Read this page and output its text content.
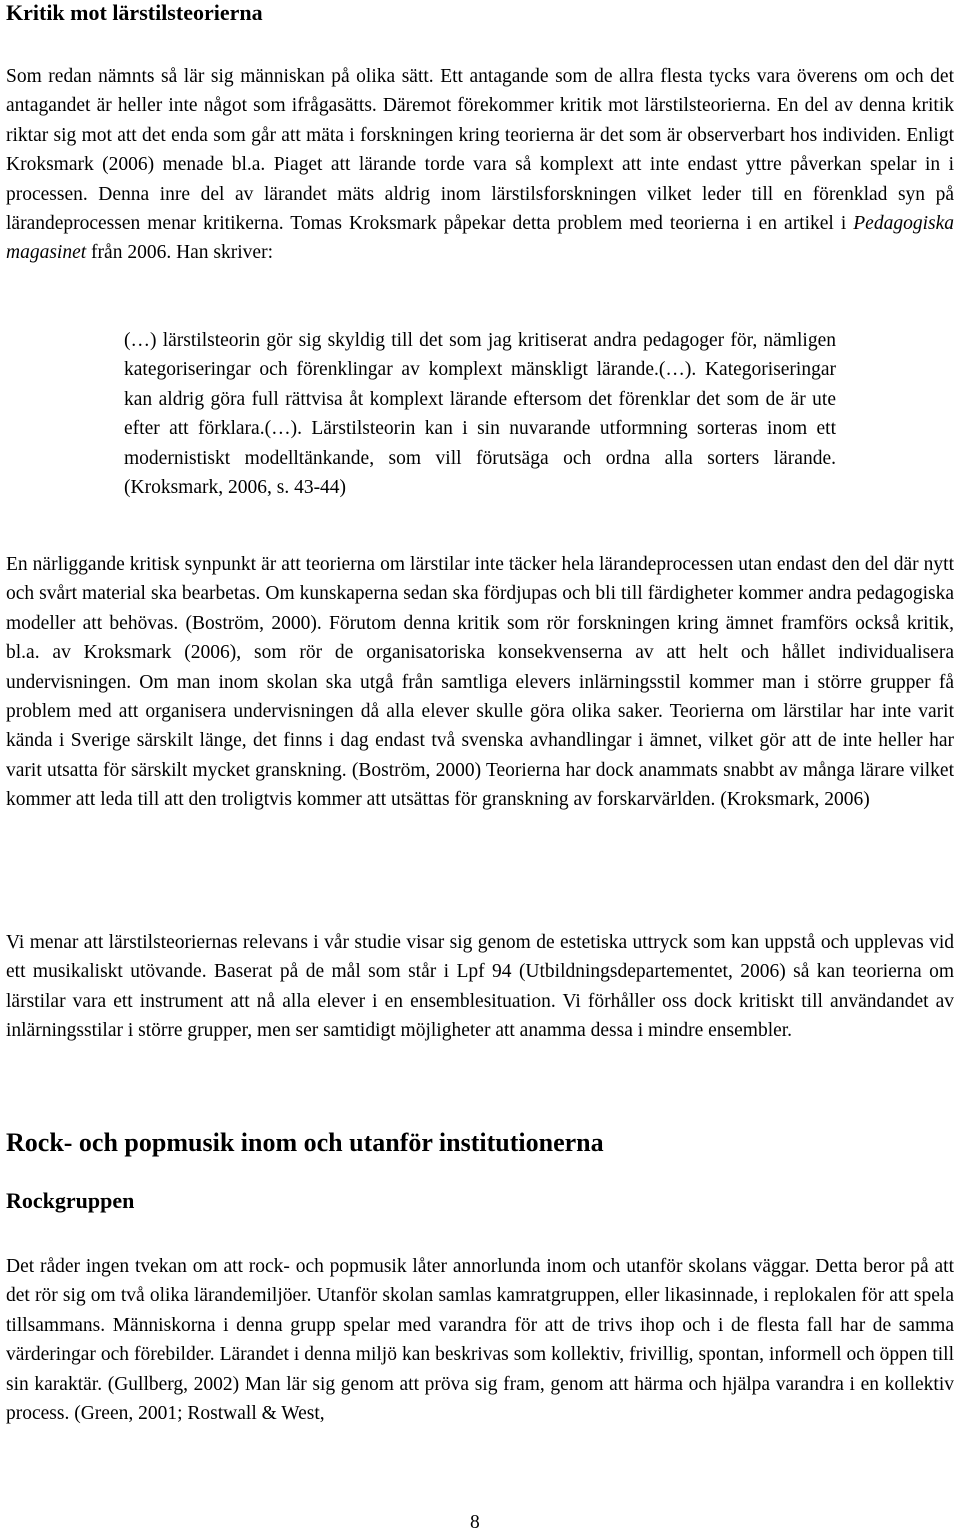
Kritik mot lärstilsteorierna

Som redan nämnts så lär sig människan på olika sätt. Ett antagande som de allra flesta tycks vara överens om och det antagandet är heller inte något som ifrågasätts. Däremot förekommer kritik mot lärstilsteorierna. En del av denna kritik riktar sig mot att det enda som går att mäta i forskningen kring teorierna är det som är observerbart hos individen. Enligt Kroksmark (2006) menade bl.a. Piaget att lärande torde vara så komplext att inte endast yttre påverkan spelar in i processen. Denna inre del av lärandet mäts aldrig inom lärstilsforskningen vilket leder till en förenklad syn på lärandeprocessen menar kritikerna. Tomas Kroksmark påpekar detta problem med teorierna i en artikel i Pedagogiska magasinet från 2006. Han skriver:

(…) lärstilsteorin gör sig skyldig till det som jag kritiserat andra pedagoger för, nämligen kategoriseringar och förenklingar av komplext mänskligt lärande.(…). Kategoriseringar kan aldrig göra full rättvisa åt komplext lärande eftersom det förenklar det som de är ute efter att förklara.(…). Lärstilsteorin kan i sin nuvarande utformning sorteras inom ett modernistiskt modelltänkande, som vill förutsäga och ordna alla sorters lärande. (Kroksmark, 2006, s. 43-44)

En närliggande kritisk synpunkt är att teorierna om lärstilar inte täcker hela lärandeprocessen utan endast den del där nytt och svårt material ska bearbetas. Om kunskaperna sedan ska fördjupas och bli till färdigheter kommer andra pedagogiska modeller att behövas. (Boström, 2000). Förutom denna kritik som rör forskningen kring ämnet framförs också kritik, bl.a. av Kroksmark (2006), som rör de organisatoriska konsekvenserna av att helt och hållet individualisera undervisningen. Om man inom skolan ska utgå från samtliga elevers inlärningsstil kommer man i större grupper få problem med att organisera undervisningen då alla elever skulle göra olika saker. Teorierna om lärstilar har inte varit kända i Sverige särskilt länge, det finns i dag endast två svenska avhandlingar i ämnet, vilket gör att de inte heller har varit utsatta för särskilt mycket granskning. (Boström, 2000) Teorierna har dock anammats snabbt av många lärare vilket kommer att leda till att den troligtvis kommer att utsättas för granskning av forskarvärlden. (Kroksmark, 2006)

Vi menar att lärstilsteoriernas relevans i vår studie visar sig genom de estetiska uttryck som kan uppstå och upplevas vid ett musikaliskt utövande. Baserat på de mål som står i Lpf 94 (Utbildningsdepartementet, 2006) så kan teorierna om lärstilar vara ett instrument att nå alla elever i en ensemblesituation. Vi förhåller oss dock kritiskt till användandet av inlärningsstilar i större grupper, men ser samtidigt möjligheter att anamma dessa i mindre ensembler.

Rock- och popmusik inom och utanför institutionerna
Rockgruppen

Det råder ingen tvekan om att rock- och popmusik låter annorlunda inom och utanför skolans väggar. Detta beror på att det rör sig om två olika lärandemiljöer. Utanför skolan samlas kamratgruppen, eller likasinnade, i replokalen för att spela tillsammans. Människorna i denna grupp spelar med varandra för att de trivs ihop och i de flesta fall har de samma värderingar och förebilder. Lärandet i denna miljö kan beskrivas som kollektiv, frivillig, spontan, informell och öppen till sin karaktär. (Gullberg, 2002) Man lär sig genom att pröva sig fram, genom att härma och hjälpa varandra i en kollektiv process. (Green, 2001; Rostwall & West,

8
